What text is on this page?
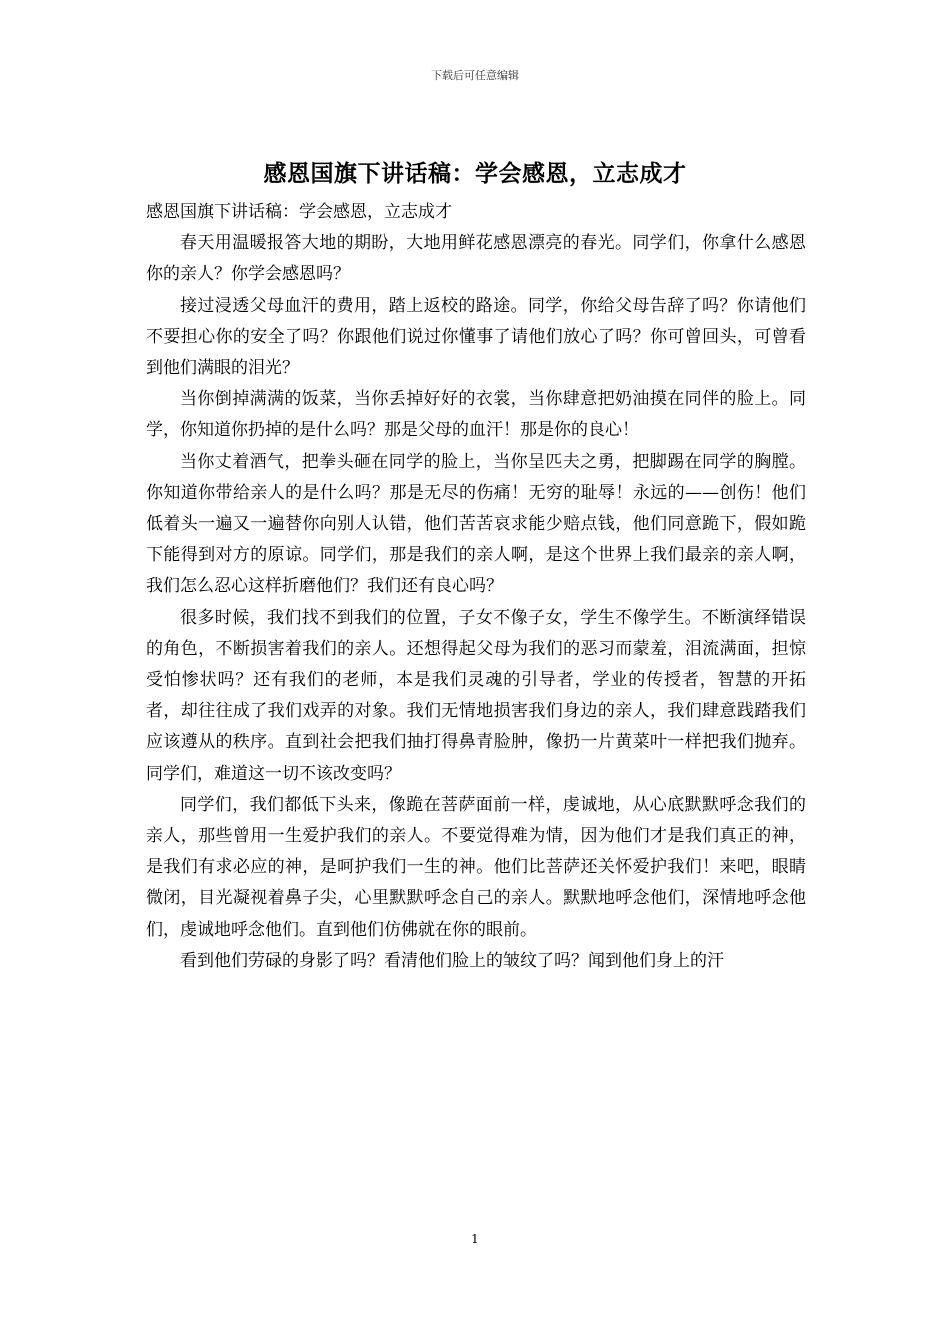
下载后可任意编辑
感恩国旗下讲话稿：学会感恩，立志成才

感恩国旗下讲话稿：学会感恩，立志成才

春天用温暖报答大地的期盼，大地用鲜花感恩漂亮的春光。同学们，你拿什么感恩你的亲人？你学会感恩吗？

接过浸透父母血汗的费用，踏上返校的路途。同学，你给父母告辞了吗？你请他们不要担心你的安全了吗？你跟他们说过你懂事了请他们放心了吗？你可曾回头，可曾看到他们满眼的泪光？

当你倒掉满满的饭菜，当你丢掉好好的衣裳，当你肆意把奶油摸在同伴的脸上。同学，你知道你扔掉的是什么吗？那是父母的血汗！那是你的良心！

当你丈着酒气，把拳头砸在同学的脸上，当你呈匹夫之勇，把脚踢在同学的胸膛。你知道你带给亲人的是什么吗？那是无尽的伤痛！无穷的耻辱！永远的——创伤！他们低着头一遍又一遍替你向别人认错，他们苦苦哀求能少赔点钱，他们同意跪下，假如跪下能得到对方的原谅。同学们，那是我们的亲人啊，是这个世界上我们最亲的亲人啊，我们怎么忍心这样折磨他们？我们还有良心吗？

很多时候，我们找不到我们的位置，子女不像子女，学生不像学生。不断演绎错误的角色，不断损害着我们的亲人。还想得起父母为我们的恶习而蒙羞，泪流满面，担惊受怕惨状吗？还有我们的老师，本是我们灵魂的引导者，学业的传授者，智慧的开拓者，却往往成了我们戏弄的对象。我们无情地损害我们身边的亲人，我们肆意践踏我们应该遵从的秩序。直到社会把我们抽打得鼻青脸肿，像扔一片黄菜叶一样把我们抛弃。同学们，难道这一切不该改变吗？

同学们，我们都低下头来，像跪在菩萨面前一样，虔诚地，从心底默默呼念我们的亲人，那些曾用一生爱护我们的亲人。不要觉得难为情，因为他们才是我们真正的神，是我们有求必应的神，是呵护我们一生的神。他们比菩萨还关怀爱护我们！来吧，眼睛微闭，目光凝视着鼻子尖，心里默默呼念自己的亲人。默默地呼念他们，深情地呼念他们，虔诚地呼念他们。直到他们仿佛就在你的眼前。

看到他们劳碌的身影了吗？看清他们脸上的皱纹了吗？闻到他们身上的汗

1
